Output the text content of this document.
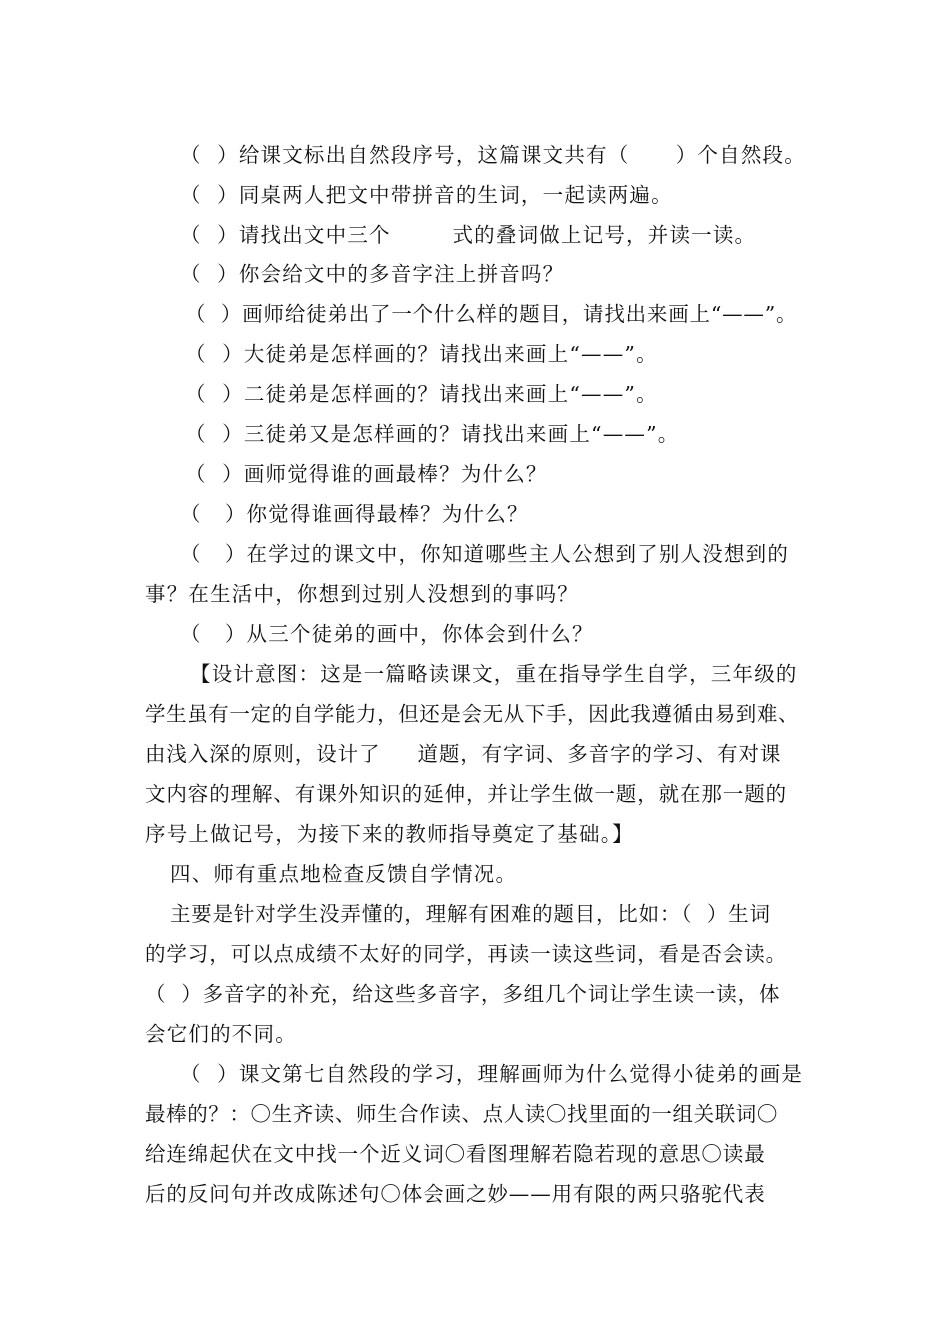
（  ）给课文标出自然段序号，这篇课文共有（      ）个自然段。
（  ）同桌两人把文中带拼音的生词，一起读两遍。
（  ）请找出文中三个        式的叠词做上记号，并读一读。
（  ）你会给文中的多音字注上拼音吗？
（  ）画师给徒弟出了一个什么样的题目，请找出来画上“——”。
（  ）大徒弟是怎样画的？请找出来画上“——”。
（  ）二徒弟是怎样画的？请找出来画上“——”。
（  ）三徒弟又是怎样画的？请找出来画上“——”。
（  ）画师觉得谁的画最棒？为什么？
（   ）你觉得谁画得最棒？为什么？
（   ）在学过的课文中，你知道哪些主人公想到了别人没想到的
事？在生活中，你想到过别人没想到的事吗？
（   ）从三个徒弟的画中，你体会到什么？
【设计意图：这是一篇略读课文，重在指导学生自学，三年级的
学生虽有一定的自学能力，但还是会无从下手，因此我遵循由易到难、
由浅入深的原则，设计了     道题，有字词、多音字的学习、有对课
文内容的理解、有课外知识的延伸，并让学生做一题，就在那一题的
序号上做记号，为接下来的教师指导奠定了基础。】
四、师有重点地检查反馈自学情况。
主要是针对学生没弄懂的，理解有困难的题目，比如：（  ）生词
的学习，可以点成绩不太好的同学，再读一读这些词，看是否会读。
（  ）多音字的补充，给这些多音字，多组几个词让学生读一读，体
会它们的不同。
（  ）课文第七自然段的学习，理解画师为什么觉得小徒弟的画是
最棒的？：〇生齐读、师生合作读、点人读〇找里面的一组关联词〇
给连绵起伏在文中找一个近义词〇看图理解若隐若现的意思〇读最
后的反问句并改成陈述句〇体会画之妙——用有限的两只骆驼代表
